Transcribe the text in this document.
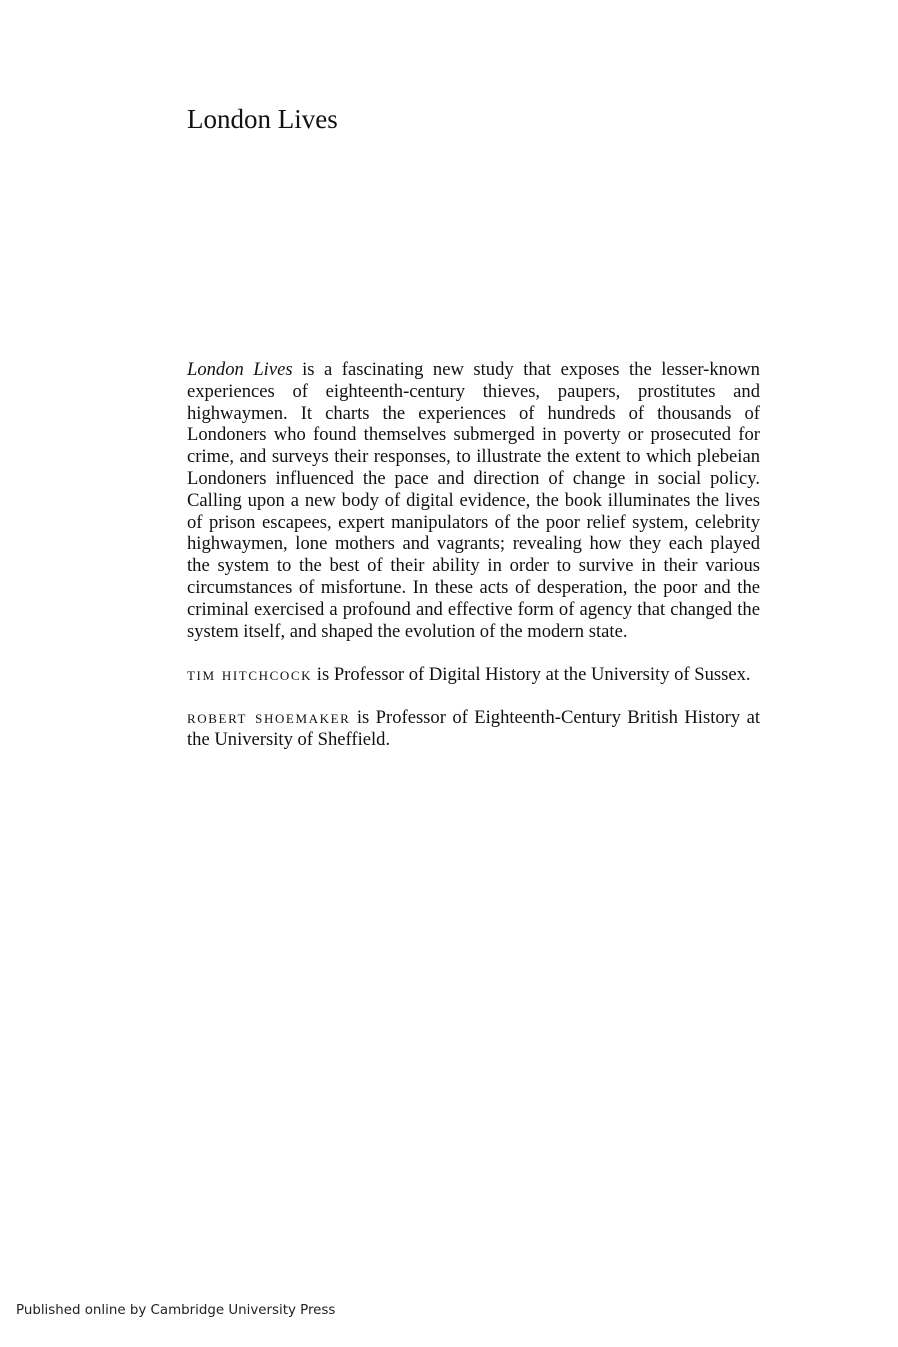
London Lives

London Lives is a fascinating new study that exposes the lesser-known experiences of eighteenth-century thieves, paupers, prostitutes and highwaymen. It charts the experiences of hundreds of thousands of Londoners who found themselves submerged in poverty or prosecuted for crime, and surveys their responses, to illustrate the extent to which plebeian Londoners influenced the pace and direction of change in social policy. Calling upon a new body of digital evidence, the book illuminates the lives of prison escapees, expert manipulators of the poor relief system, celebrity highwaymen, lone mothers and vagrants; revealing how they each played the system to the best of their ability in order to survive in their various circumstances of misfortune. In these acts of desperation, the poor and the criminal exercised a profound and effective form of agency that changed the system itself, and shaped the evolution of the modern state.

tim hitchcock is Professor of Digital History at the University of Sussex.

robert shoemaker is Professor of Eighteenth-Century British History at the University of Sheffield.

Published online by Cambridge University Press
